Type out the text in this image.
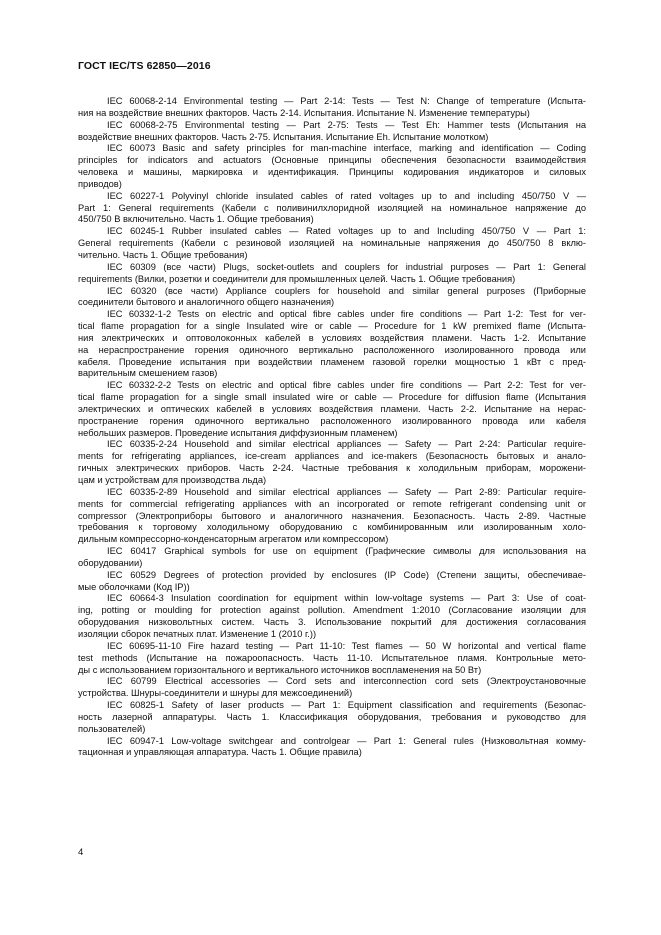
ГОСТ IEC/TS 62850—2016
IEC 60068-2-14 Environmental testing — Part 2-14: Tests — Test N: Change of temperature (Испыта-
ния на воздействие внешних факторов. Часть 2-14. Испытания. Испытание N. Изменение температуры)
IEC 60068-2-75 Environmental testing — Part 2-75: Tests — Test Eh: Hammer tests (Испытания на
воздействие внешних факторов. Часть 2-75. Испытания. Испытание Eh. Испытание молотком)
IEC 60073 Basic and safety principles for man-machine interface, marking and identification — Coding
principles for indicators and actuators (Основные принципы обеспечения безопасности взаимодействия
человека и машины, маркировка и идентификация. Принципы кодирования индикаторов и силовых
приводов)
IEC 60227-1 Polyvinyl chloride insulated cables of rated voltages up to and including 450/750 V —
Part 1: General requirements (Кабели с поливинилхлоридной изоляцией на номинальное напряжение до
450/750 В включительно. Часть 1. Общие требования)
IEC 60245-1 Rubber insulated cables — Rated voltages up to and Including 450/750 V — Part 1:
General requirements (Кабели с резиновой изоляцией на номинальные напряжения до 450/750 8 вклю-
чительно. Часть 1. Общие требования)
IEC 60309 (все части) Plugs, socket-outlets and couplers for industrial purposes — Part 1: General
requirements (Вилки, розетки и соединители для промышленных целей. Часть 1. Общие требования)
IEC 60320 (все части) Appliance couplers for household and similar general purposes (Приборные
соединители бытового и аналогичного общего назначения)
IEC 60332-1-2 Tests on electric and optical fibre cables under fire conditions — Part 1-2: Test for ver-
tical flame propagation for a single Insulated wire or cable — Procedure for 1 kW premixed flame (Испыта-
ния электрических и оптоволоконных кабелей в условиях воздействия пламени. Часть 1-2. Испытание
на нераспространение горения одиночного вертикально расположенного изолированного провода или
кабеля. Проведение испытания при воздействии пламенем газовой горелки мощностью 1 кВт с пред-
варительным смешением газов)
IEC 60332-2-2 Tests on electric and optical fibre cables under fire conditions — Part 2-2: Test for ver-
tical flame propagation for a single small insulated wire or cable — Procedure for diffusion flame (Испытания
электрических и оптических кабелей в условиях воздействия пламени. Часть 2-2. Испытание на нерас-
пространение горения одиночного вертикально расположенного изолированного провода или кабеля
небольших размеров. Проведение испытания диффузионным пламенем)
IEC 60335-2-24 Household and similar electrical appliances — Safety — Part 2-24: Particular require-
ments for refrigerating appliances, ice-cream appliances and ice-makers (Безопасность бытовых и анало-
гичных электрических приборов. Часть 2-24. Частные требования к холодильным приборам, морожени-
цам и устройствам для производства льда)
IEC 60335-2-89 Household and similar electrical appliances — Safety — Part 2-89: Particular require-
ments for commercial refrigerating appliances with an incorporated or remote refrigerant condensing unit or
compressor (Электроприборы бытового и аналогичного назначения. Безопасность. Часть 2-89. Частные
требования к торговому холодильному оборудованию с комбинированным или изолированным холо-
дильным компрессорно-конденсаторным агрегатом или компрессором)
IEC 60417 Graphical symbols for use on equipment (Графические символы для использования на
оборудовании)
IEC 60529 Degrees of protection provided by enclosures (IP Code) (Степени защиты, обеспечивае-
мые оболочками (Код IP))
IEC 60664-3 Insulation coordination for equipment within low-voltage systems — Part 3: Use of coat-
ing, potting or moulding for protection against pollution. Amendment 1:2010 (Согласование изоляции для
оборудования низковольтных систем. Часть 3. Использование покрытий для достижения согласования
изоляции сборок печатных плат. Изменение 1 (2010 г.))
IEC 60695-11-10 Fire hazard testing — Part 11-10: Test flames — 50 W horizontal and vertical flame
test methods (Испытание на пожароопасность. Часть 11-10. Испытательное пламя. Контрольные мето-
ды с использованием горизонтального и вертикального источников воспламенения на 50 Вт)
IEC 60799 Electrical accessories — Cord sets and interconnection cord sets (Электроустановочные
устройства. Шнуры-соединители и шнуры для межсоединений)
IEC 60825-1 Safety of laser products — Part 1: Equipment classification and requirements (Безопас-
ность лазерной аппаратуры. Часть 1. Классификация оборудования, требования и руководство для
пользователей)
IEC 60947-1 Low-voltage switchgear and controlgear — Part 1: General rules (Низковольтная комму-
тационная и управляющая аппаратура. Часть 1. Общие правила)
4
